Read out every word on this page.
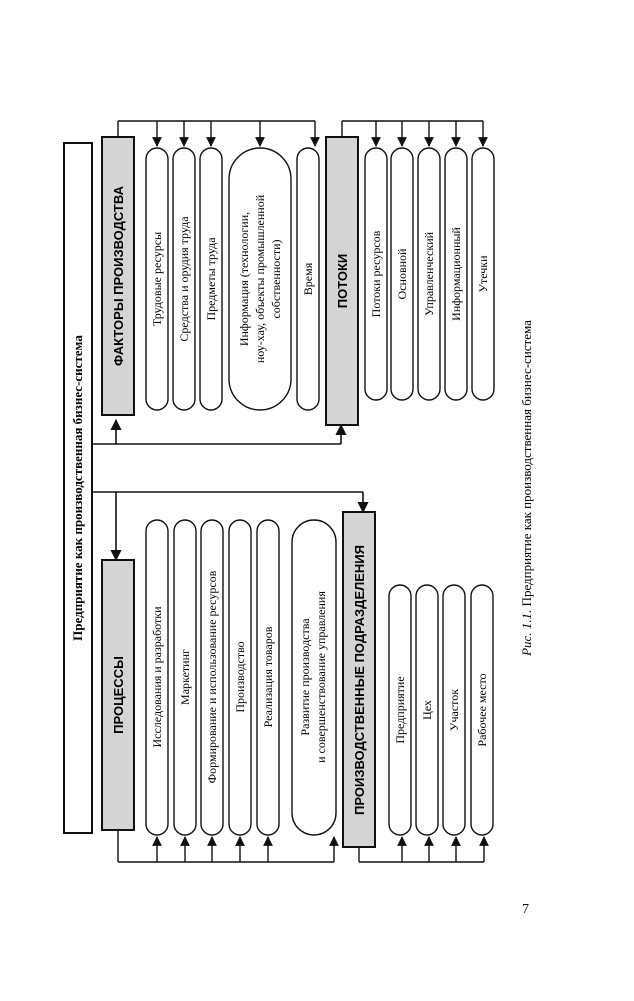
Предприятие как производственная бизнес-система
ФАКТОРЫ ПРОИЗВОДСТВА Трудовые ресурсы Средства и орудия труда Предметы труда Информация (технологии, ноу-хау, объекты промышленной собственности) Время ПОТОКИ Потоки ресурсов Основной Управленческий Информационный Утечки
ПРОЦЕССЫ Исследования и разработки Маркетинг Формирование и использование ресурсов Производство Реализация товаров Развитие производства и совершенствование управления ПРОИЗВОДСТВЕННЫЕ ПОДРАЗДЕЛЕНИЯ Предприятие Цех Участок Рабочее место
Рис. 1.1. Предприятие как производственная бизнес-система
7
